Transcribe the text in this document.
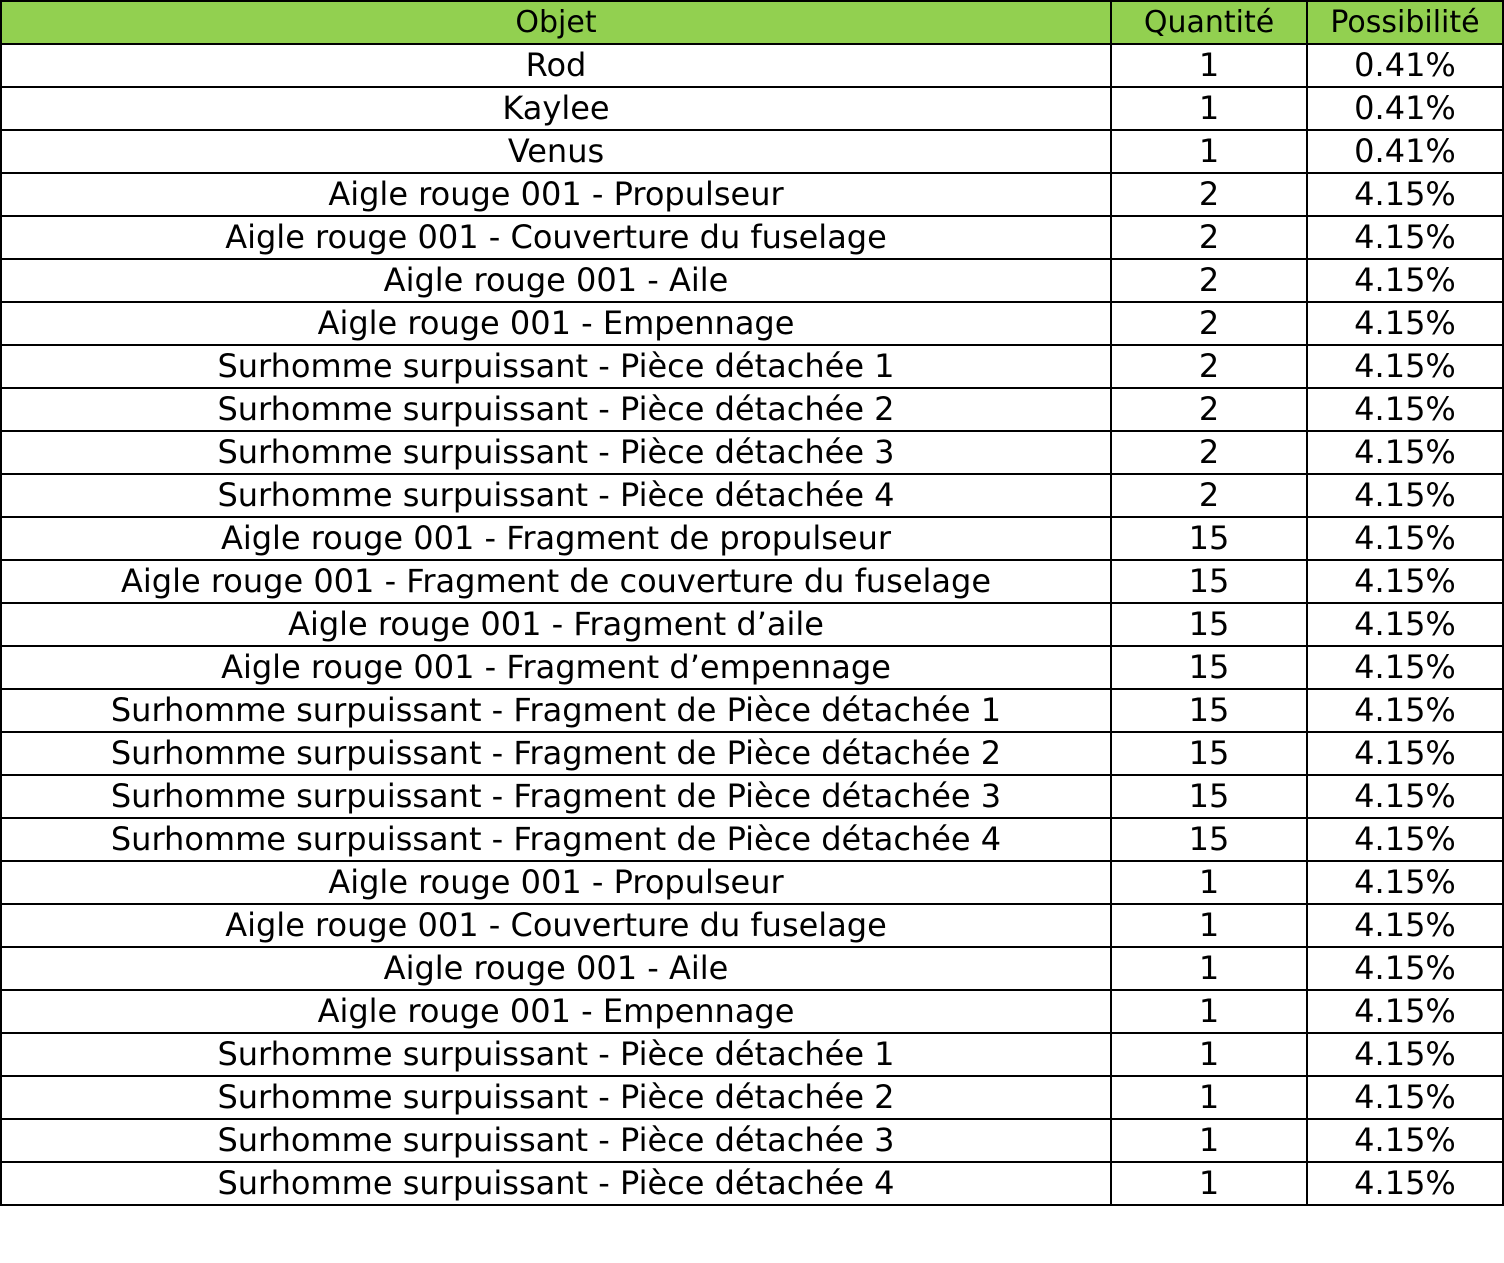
Objet	Quantité	Possibilité
Rod	1	0.41%
Kaylee	1	0.41%
Venus	1	0.41%
Aigle rouge 001 - Propulseur	2	4.15%
Aigle rouge 001 - Couverture du fuselage	2	4.15%
Aigle rouge 001 - Aile	2	4.15%
Aigle rouge 001 - Empennage	2	4.15%
Surhomme surpuissant - Pièce détachée 1	2	4.15%
Surhomme surpuissant - Pièce détachée 2	2	4.15%
Surhomme surpuissant - Pièce détachée 3	2	4.15%
Surhomme surpuissant - Pièce détachée 4	2	4.15%
Aigle rouge 001 - Fragment de propulseur	15	4.15%
Aigle rouge 001 - Fragment de couverture du fuselage	15	4.15%
Aigle rouge 001 - Fragment d’aile	15	4.15%
Aigle rouge 001 - Fragment d’empennage	15	4.15%
Surhomme surpuissant - Fragment de Pièce détachée 1	15	4.15%
Surhomme surpuissant - Fragment de Pièce détachée 2	15	4.15%
Surhomme surpuissant - Fragment de Pièce détachée 3	15	4.15%
Surhomme surpuissant - Fragment de Pièce détachée 4	15	4.15%
Aigle rouge 001 - Propulseur	1	4.15%
Aigle rouge 001 - Couverture du fuselage	1	4.15%
Aigle rouge 001 - Aile	1	4.15%
Aigle rouge 001 - Empennage	1	4.15%
Surhomme surpuissant - Pièce détachée 1	1	4.15%
Surhomme surpuissant - Pièce détachée 2	1	4.15%
Surhomme surpuissant - Pièce détachée 3	1	4.15%
Surhomme surpuissant - Pièce détachée 4	1	4.15%
